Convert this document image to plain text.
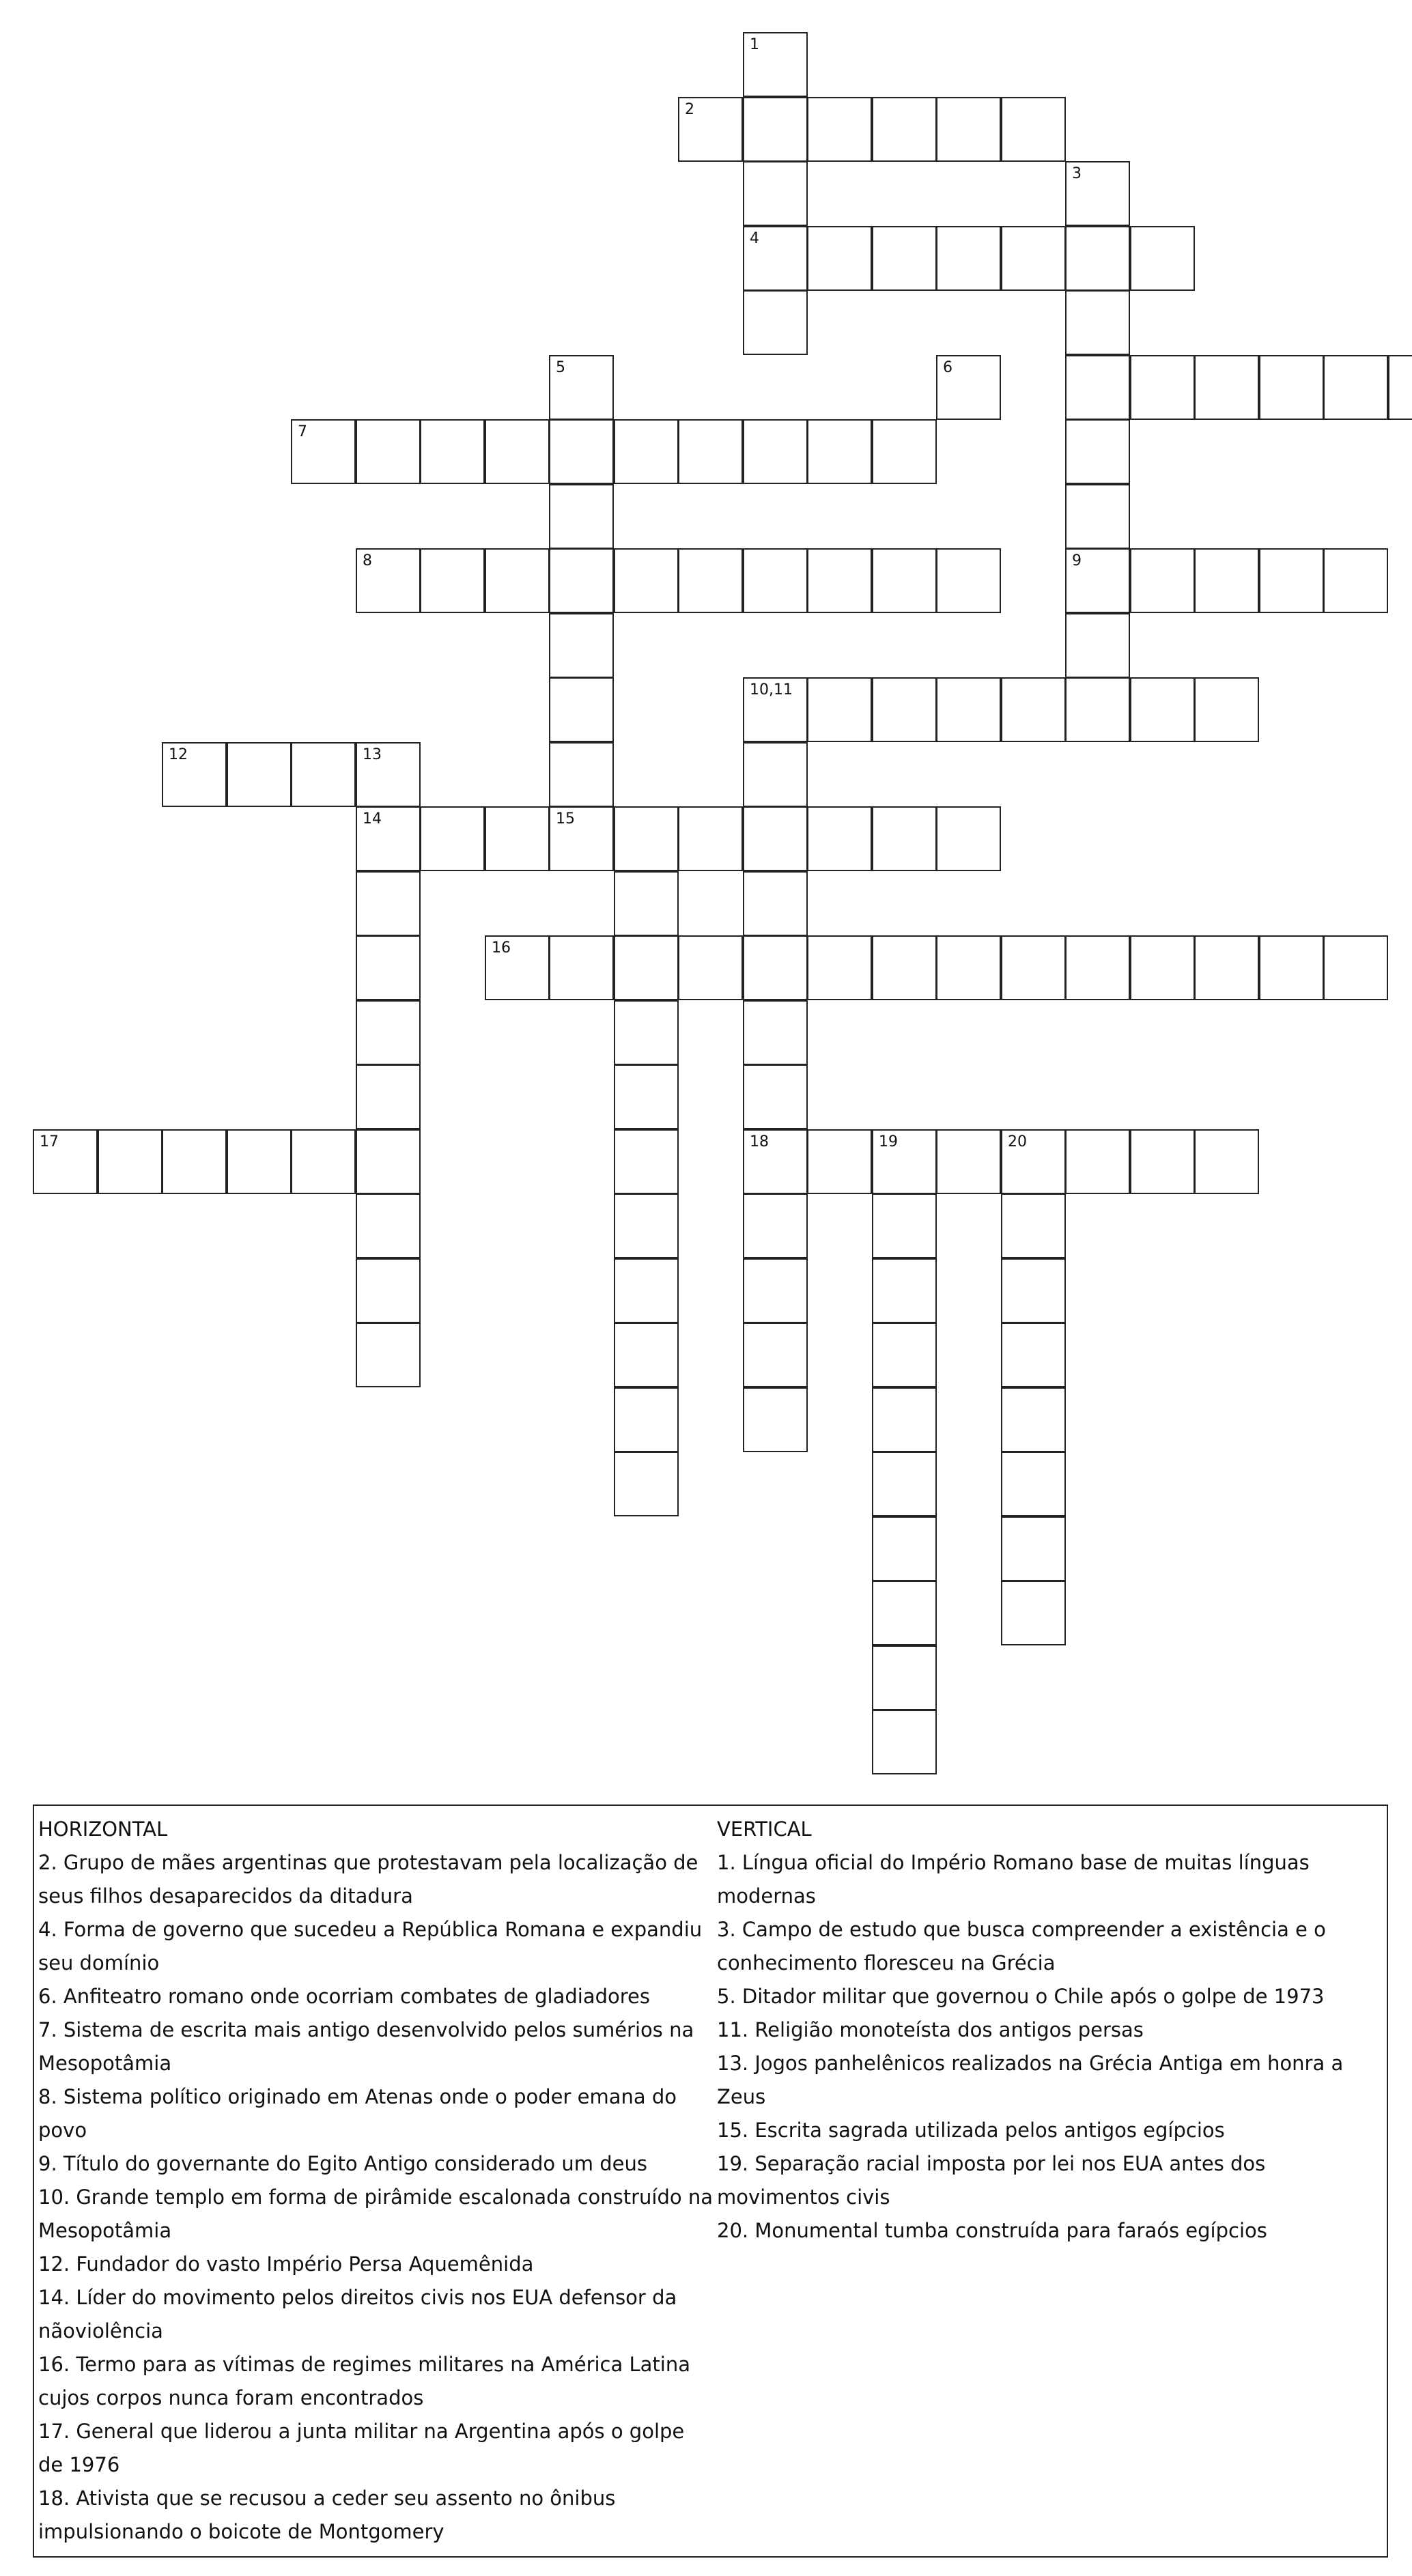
1
2
3
4
5	6
7
8	9
10,11
12	13
14	15
16
17	18	19	20
HORIZONTAL
2. Grupo de mães argentinas que protestavam pela localização de seus filhos desaparecidos da ditadura
4. Forma de governo que sucedeu a República Romana e expandiu seu domínio
6. Anfiteatro romano onde ocorriam combates de gladiadores
7. Sistema de escrita mais antigo desenvolvido pelos sumérios na Mesopotâmia
8. Sistema político originado em Atenas onde o poder emana do povo
9. Título do governante do Egito Antigo considerado um deus
10. Grande templo em forma de pirâmide escalonada construído na Mesopotâmia
12. Fundador do vasto Império Persa Aquemênida
14. Líder do movimento pelos direitos civis nos EUA defensor da nãoviolência
16. Termo para as vítimas de regimes militares na América Latina cujos corpos nunca foram encontrados
17. General que liderou a junta militar na Argentina após o golpe de 1976
18. Ativista que se recusou a ceder seu assento no ônibus impulsionando o boicote de Montgomery
VERTICAL
1. Língua oficial do Império Romano base de muitas línguas modernas
3. Campo de estudo que busca compreender a existência e o conhecimento floresceu na Grécia
5. Ditador militar que governou o Chile após o golpe de 1973
11. Religião monoteísta dos antigos persas
13. Jogos panhelênicos realizados na Grécia Antiga em honra a Zeus
15. Escrita sagrada utilizada pelos antigos egípcios
19. Separação racial imposta por lei nos EUA antes dos movimentos civis
20. Monumental tumba construída para faraós egípcios
